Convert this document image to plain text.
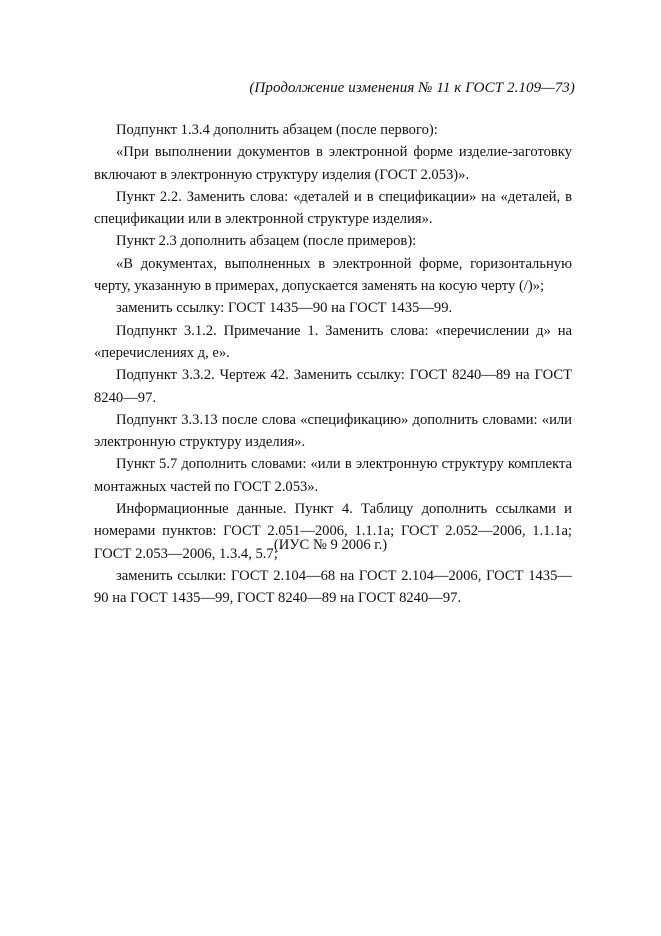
(Продолжение изменения № 11 к ГОСТ 2.109—73)

Подпункт 1.3.4 дополнить абзацем (после первого):

«При выполнении документов в электронной форме изделие-заготовку включают в электронную структуру изделия (ГОСТ 2.053)».

Пункт 2.2. Заменить слова: «деталей и в спецификации» на «деталей, в спецификации или в электронной структуре изделия».

Пункт 2.3 дополнить абзацем (после примеров):

«В документах, выполненных в электронной форме, горизонтальную черту, указанную в примерах, допускается заменять на косую черту (/)»;

заменить ссылку: ГОСТ 1435—90 на ГОСТ 1435—99.

Подпункт 3.1.2. Примечание 1. Заменить слова: «перечислении д» на «перечислениях д, е».

Подпункт 3.3.2. Чертеж 42. Заменить ссылку: ГОСТ 8240—89 на ГОСТ 8240—97.

Подпункт 3.3.13 после слова «спецификацию» дополнить словами: «или электронную структуру изделия».

Пункт 5.7 дополнить словами: «или в электронную структуру комплекта монтажных частей по ГОСТ 2.053».

Информационные данные. Пункт 4. Таблицу дополнить ссылками и номерами пунктов: ГОСТ 2.051—2006, 1.1.1а; ГОСТ 2.052—2006, 1.1.1а; ГОСТ 2.053—2006, 1.3.4, 5.7;

заменить ссылки: ГОСТ 2.104—68 на ГОСТ 2.104—2006, ГОСТ 1435—90 на ГОСТ 1435—99, ГОСТ 8240—89 на ГОСТ 8240—97.

(ИУС № 9 2006 г.)
